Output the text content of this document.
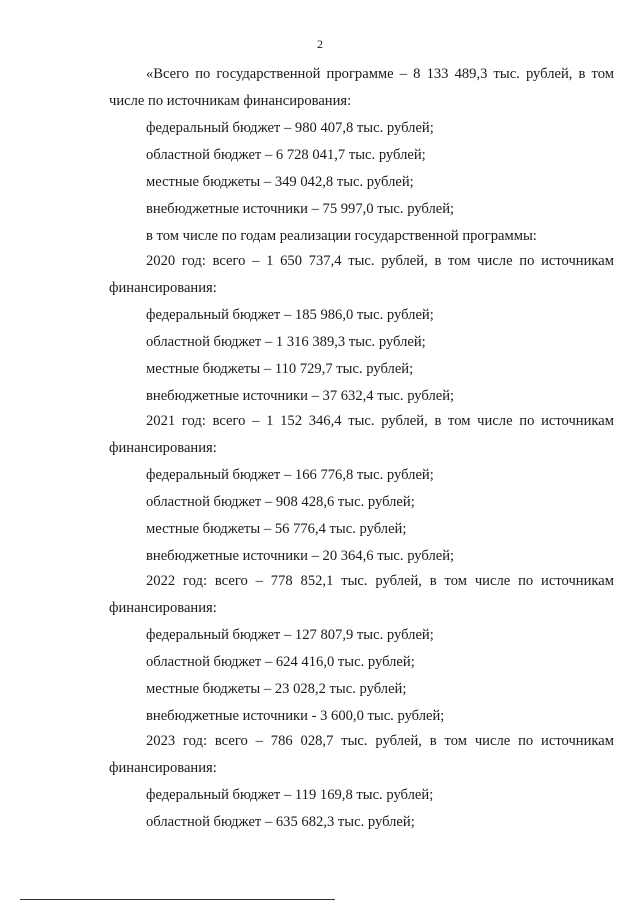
2
«Всего по государственной программе – 8 133 489,3 тыс. рублей, в том
числе по источникам финансирования:
федеральный бюджет – 980 407,8 тыс. рублей;
областной бюджет – 6 728 041,7 тыс. рублей;
местные бюджеты – 349 042,8 тыс. рублей;
внебюджетные источники – 75 997,0 тыс. рублей;
в том числе по годам реализации государственной программы:
2020 год: всего – 1 650 737,4 тыс. рублей, в том числе по источникам
финансирования:
федеральный бюджет – 185 986,0 тыс. рублей;
областной бюджет – 1 316 389,3 тыс. рублей;
местные бюджеты – 110 729,7 тыс. рублей;
внебюджетные источники – 37 632,4 тыс. рублей;
2021 год: всего – 1 152 346,4 тыс. рублей, в том числе по источникам
финансирования:
федеральный бюджет – 166 776,8 тыс. рублей;
областной бюджет – 908 428,6 тыс. рублей;
местные бюджеты – 56 776,4 тыс. рублей;
внебюджетные источники – 20 364,6 тыс. рублей;
2022 год: всего – 778 852,1 тыс. рублей, в том числе по источникам
финансирования:
федеральный бюджет – 127 807,9 тыс. рублей;
областной бюджет – 624 416,0 тыс. рублей;
местные бюджеты – 23 028,2 тыс. рублей;
внебюджетные источники - 3 600,0 тыс. рублей;
2023 год: всего – 786 028,7 тыс. рублей, в том числе по источникам
финансирования:
федеральный бюджет – 119 169,8 тыс. рублей;
областной бюджет – 635 682,3 тыс. рублей;
